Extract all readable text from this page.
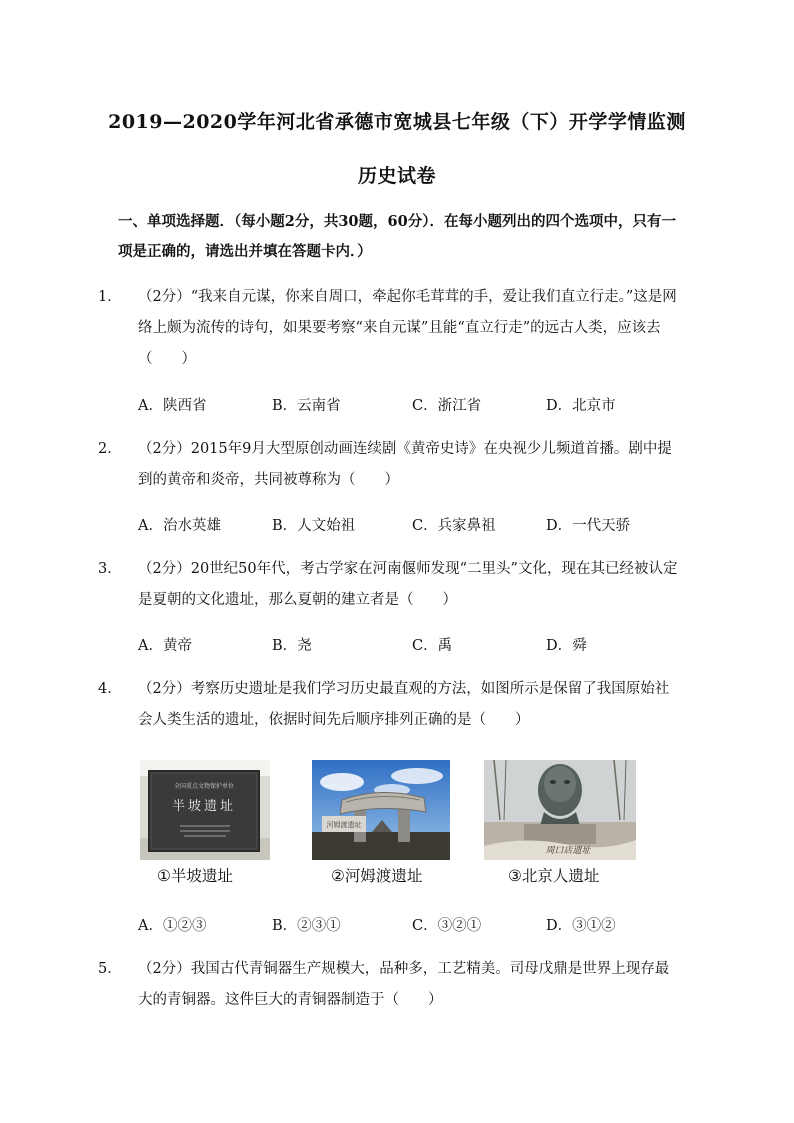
2019—2020学年河北省承德市宽城县七年级（下）开学学情监测
历史试卷
一、单项选择题．（每小题2分，共30题，60分）．在每小题列出的四个选项中，只有一项是正确的，请选出并填在答题卡内．）
1． （2分）“我来自元谋，你来自周口，牵起你毛茸茸的手，爱让我们直立行走。”这是网络上颇为流传的诗句，如果要考察“来自元谋”且能“直立行走”的远古人类，应该去（　　）
A．陕西省	B．云南省	C．浙江省	D．北京市
2． （2分）2015年9月大型原创动画连续剧《黄帝史诗》在央视少儿频道首播。剧中提到的黄帝和炎帝，共同被尊称为（　　）
A．治水英雄	B．人文始祖	C．兵家鼻祖	D．一代天骄
3． （2分）20世纪50年代，考古学家在河南偃师发现“二里头”文化，现在其已经被认定是夏朝的文化遗址，那么夏朝的建立者是（　　）
A．黄帝	B．尧	C．禹	D．舜
4． （2分）考察历史遗址是我们学习历史最直观的方法，如图所示是保留了我国原始社会人类生活的遗址，依据时间先后顺序排列正确的是（　　）
全国重点文物保护单位
半坡遗址
河姆渡遗址
周口店遗址
①半坡遗址	②河姆渡遗址	③北京人遗址
A．①②③	B．②③①	C．③②①	D．③①②
5． （2分）我国古代青铜器生产规模大，品种多，工艺精美。司母戊鼎是世界上现存最大的青铜器。这件巨大的青铜器制造于（　　）
